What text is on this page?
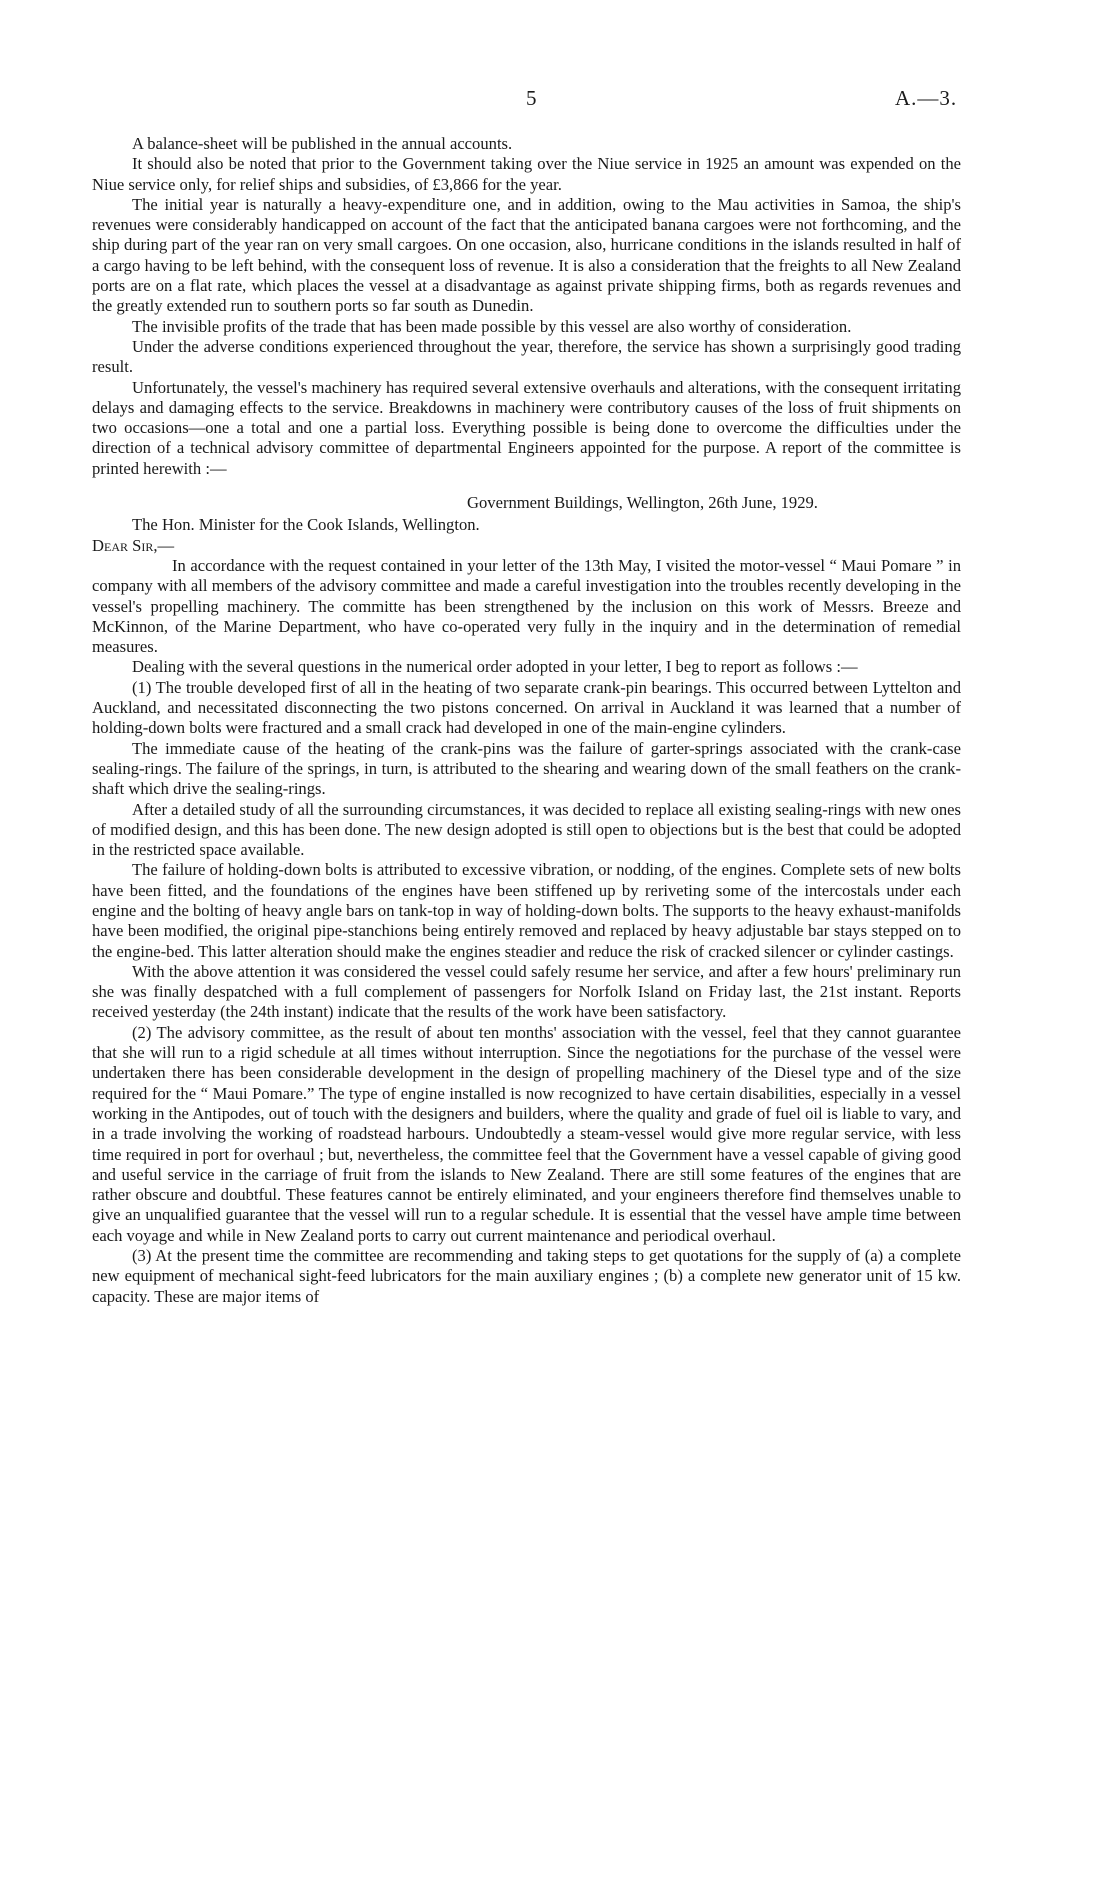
5	A.—3.

A balance-sheet will be published in the annual accounts.

It should also be noted that prior to the Government taking over the Niue service in 1925 an amount was expended on the Niue service only, for relief ships and subsidies, of £3,866 for the year.

The initial year is naturally a heavy-expenditure one, and in addition, owing to the Mau activities in Samoa, the ship's revenues were considerably handicapped on account of the fact that the anticipated banana cargoes were not forthcoming, and the ship during part of the year ran on very small cargoes. On one occasion, also, hurricane conditions in the islands resulted in half of a cargo having to be left behind, with the consequent loss of revenue. It is also a consideration that the freights to all New Zealand ports are on a flat rate, which places the vessel at a disadvantage as against private shipping firms, both as regards revenues and the greatly extended run to southern ports so far south as Dunedin.

The invisible profits of the trade that has been made possible by this vessel are also worthy of consideration.

Under the adverse conditions experienced throughout the year, therefore, the service has shown a surprisingly good trading result.

Unfortunately, the vessel's machinery has required several extensive overhauls and alterations, with the consequent irritating delays and damaging effects to the service. Breakdowns in machinery were contributory causes of the loss of fruit shipments on two occasions—one a total and one a partial loss. Everything possible is being done to overcome the difficulties under the direction of a technical advisory committee of departmental Engineers appointed for the purpose. A report of the committee is printed herewith :—

Government Buildings, Wellington, 26th June, 1929.

The Hon. Minister for the Cook Islands, Wellington.

Dear Sir,—

In accordance with the request contained in your letter of the 13th May, I visited the motor-vessel “ Maui Pomare ” in company with all members of the advisory committee and made a careful investigation into the troubles recently developing in the vessel's propelling machinery. The committe has been strengthened by the inclusion on this work of Messrs. Breeze and McKinnon, of the Marine Department, who have co-operated very fully in the inquiry and in the determination of remedial measures.

Dealing with the several questions in the numerical order adopted in your letter, I beg to report as follows :—

(1) The trouble developed first of all in the heating of two separate crank-pin bearings. This occurred between Lyttelton and Auckland, and necessitated disconnecting the two pistons concerned. On arrival in Auckland it was learned that a number of holding-down bolts were fractured and a small crack had developed in one of the main-engine cylinders.

The immediate cause of the heating of the crank-pins was the failure of garter-springs associated with the crank-case sealing-rings. The failure of the springs, in turn, is attributed to the shearing and wearing down of the small feathers on the crank-shaft which drive the sealing-rings.

After a detailed study of all the surrounding circumstances, it was decided to replace all existing sealing-rings with new ones of modified design, and this has been done. The new design adopted is still open to objections but is the best that could be adopted in the restricted space available.

The failure of holding-down bolts is attributed to excessive vibration, or nodding, of the engines. Complete sets of new bolts have been fitted, and the foundations of the engines have been stiffened up by reriveting some of the intercostals under each engine and the bolting of heavy angle bars on tank-top in way of holding-down bolts. The supports to the heavy exhaust-manifolds have been modified, the original pipe-stanchions being entirely removed and replaced by heavy adjustable bar stays stepped on to the engine-bed. This latter alteration should make the engines steadier and reduce the risk of cracked silencer or cylinder castings.

With the above attention it was considered the vessel could safely resume her service, and after a few hours' preliminary run she was finally despatched with a full complement of passengers for Norfolk Island on Friday last, the 21st instant. Reports received yesterday (the 24th instant) indicate that the results of the work have been satisfactory.

(2) The advisory committee, as the result of about ten months' association with the vessel, feel that they cannot guarantee that she will run to a rigid schedule at all times without interruption. Since the negotiations for the purchase of the vessel were undertaken there has been considerable development in the design of propelling machinery of the Diesel type and of the size required for the “ Maui Pomare.” The type of engine installed is now recognized to have certain disabilities, especially in a vessel working in the Antipodes, out of touch with the designers and builders, where the quality and grade of fuel oil is liable to vary, and in a trade involving the working of roadstead harbours. Undoubtedly a steam-vessel would give more regular service, with less time required in port for overhaul ; but, nevertheless, the committee feel that the Government have a vessel capable of giving good and useful service in the carriage of fruit from the islands to New Zealand. There are still some features of the engines that are rather obscure and doubtful. These features cannot be entirely eliminated, and your engineers therefore find themselves unable to give an unqualified guarantee that the vessel will run to a regular schedule. It is essential that the vessel have ample time between each voyage and while in New Zealand ports to carry out current maintenance and periodical overhaul.

(3) At the present time the committee are recommending and taking steps to get quotations for the supply of (a) a complete new equipment of mechanical sight-feed lubricators for the main auxiliary engines ; (b) a complete new generator unit of 15 kw. capacity. These are major items of
